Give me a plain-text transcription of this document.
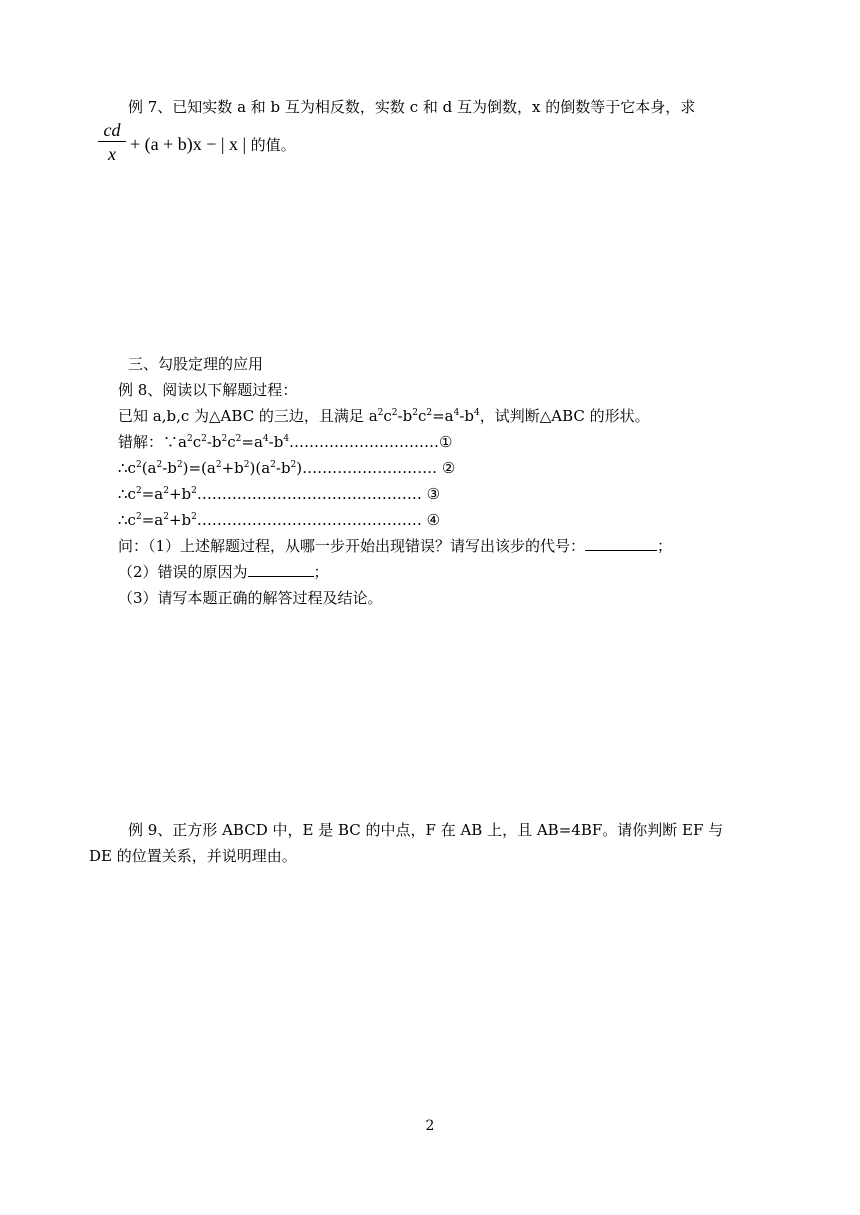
例 7、已知实数 a 和 b 互为相反数，实数 c 和 d 互为倒数，x 的倒数等于它本身，求
cd
x + (a + b)x − | x | 的值。
三、勾股定理的应用
例 8、阅读以下解题过程：
已知 a,b,c 为△ABC 的三边，且满足 $a^2c^2-b^2c^2=a^4-b^4$，试判断△ABC 的形状。
错解：$\because a^2c^2-b^2c^2=a^4-b^4\dots\dots\dots\dots\dots\dots\dots\dots\dots\dots ①$
$\therefore c^2(a^2-b^2)=(a^2+b^2)(a^2-b^2)\dots\dots\dots\dots\dots\dots\dots\dots\dots$ ②
$\therefore c^2=a^2+b^2\dots\dots\dots\dots\dots\dots\dots\dots\dots\dots\dots\dots\dots\dots\dots$ ③
$\therefore c^2=a^2+b^2\dots\dots\dots\dots\dots\dots\dots\dots\dots\dots\dots\dots\dots\dots\dots$ ④
问：（1）上述解题过程，从哪一步开始出现错误？请写出该步的代号：	；
（2）错误的原因为	；
（3）请写本题正确的解答过程及结论。
例 9、正方形 ABCD 中，E 是 BC 的中点，F 在 AB 上，且 AB=4BF。请你判断 EF 与
DE 的位置关系，并说明理由。
2
